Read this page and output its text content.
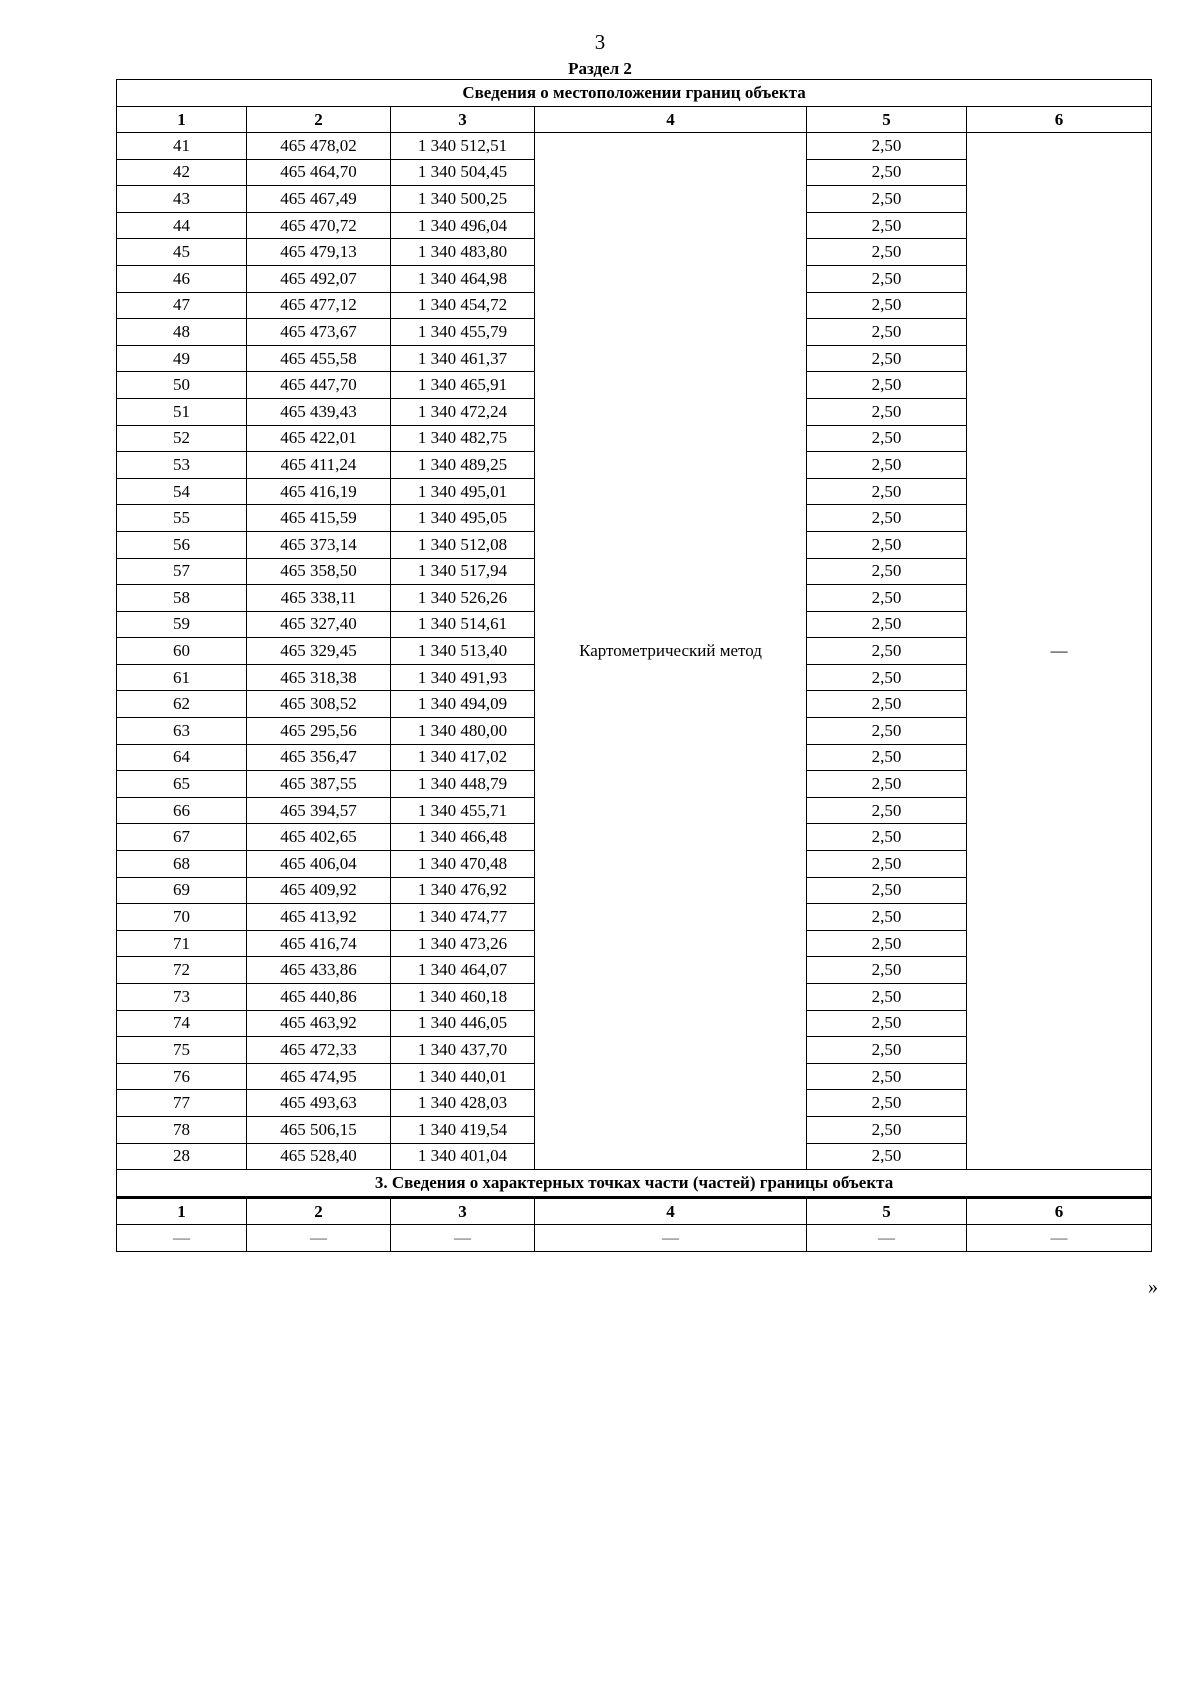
3
Раздел 2
Сведения о местоположении границ объекта					
1	2	3	4	5	6
41	465 478,02	1 340 512,51	Картометрический метод	2,50	—
42	465 464,70	1 340 504,45		2,50	
43	465 467,49	1 340 500,25		2,50	
44	465 470,72	1 340 496,04		2,50	
45	465 479,13	1 340 483,80		2,50	
46	465 492,07	1 340 464,98		2,50	
47	465 477,12	1 340 454,72		2,50	
48	465 473,67	1 340 455,79		2,50	
49	465 455,58	1 340 461,37		2,50	
50	465 447,70	1 340 465,91		2,50	
51	465 439,43	1 340 472,24		2,50	
52	465 422,01	1 340 482,75		2,50	
53	465 411,24	1 340 489,25		2,50	
54	465 416,19	1 340 495,01		2,50	
55	465 415,59	1 340 495,05		2,50	
56	465 373,14	1 340 512,08		2,50	
57	465 358,50	1 340 517,94		2,50	
58	465 338,11	1 340 526,26		2,50	
59	465 327,40	1 340 514,61		2,50	
60	465 329,45	1 340 513,40		2,50	
61	465 318,38	1 340 491,93		2,50	
62	465 308,52	1 340 494,09		2,50	
63	465 295,56	1 340 480,00		2,50	
64	465 356,47	1 340 417,02		2,50	
65	465 387,55	1 340 448,79		2,50	
66	465 394,57	1 340 455,71		2,50	
67	465 402,65	1 340 466,48		2,50	
68	465 406,04	1 340 470,48		2,50	
69	465 409,92	1 340 476,92		2,50	
70	465 413,92	1 340 474,77		2,50	
71	465 416,74	1 340 473,26		2,50	
72	465 433,86	1 340 464,07		2,50	
73	465 440,86	1 340 460,18		2,50	
74	465 463,92	1 340 446,05		2,50	
75	465 472,33	1 340 437,70		2,50	
76	465 474,95	1 340 440,01		2,50	
77	465 493,63	1 340 428,03		2,50	
78	465 506,15	1 340 419,54		2,50	
28	465 528,40	1 340 401,04		2,50	
3. Сведения о характерных точках части (частей) границы объекта					
1	2	3	4	5	6
—	—	—	—	—	—
»
